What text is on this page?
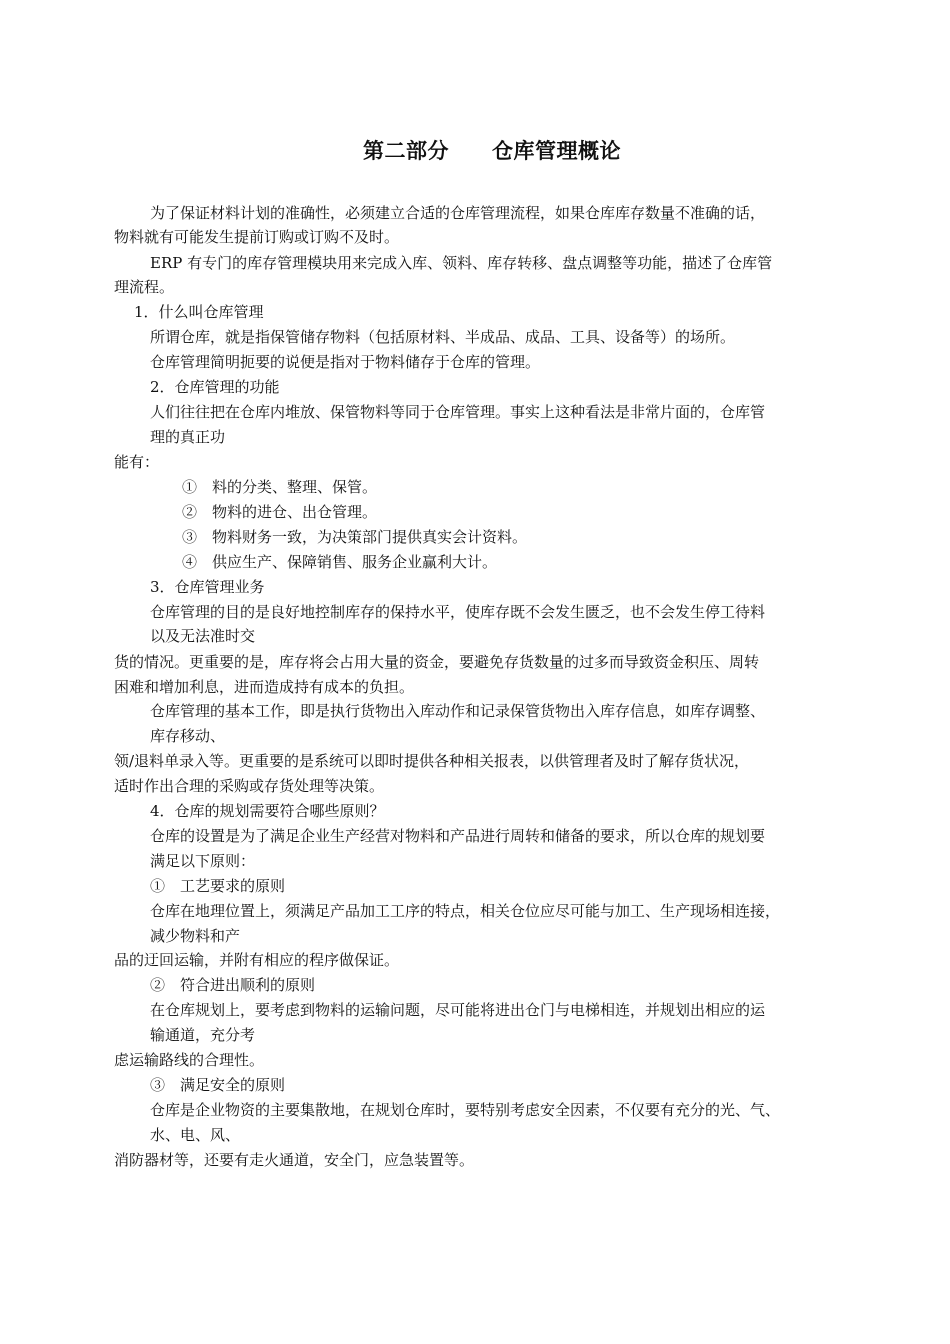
第二部分　　仓库管理概论
为了保证材料计划的准确性，必须建立合适的仓库管理流程，如果仓库库存数量不准确的话，
物料就有可能发生提前订购或订购不及时。
ERP 有专门的库存管理模块用来完成入库、领料、库存转移、盘点调整等功能，描述了仓库管
理流程。
1．什么叫仓库管理
所谓仓库，就是指保管储存物料（包括原材料、半成品、成品、工具、设备等）的场所。
仓库管理简明扼要的说便是指对于物料储存于仓库的管理。
2．仓库管理的功能
人们往往把在仓库内堆放、保管物料等同于仓库管理。事实上这种看法是非常片面的，仓库管
理的真正功
能有：
①　料的分类、整理、保管。
②　物料的进仓、出仓管理。
③　物料财务一致，为决策部门提供真实会计资料。
④　供应生产、保障销售、服务企业赢利大计。
3．仓库管理业务
仓库管理的目的是良好地控制库存的保持水平，使库存既不会发生匮乏，也不会发生停工待料
以及无法准时交
货的情况。更重要的是，库存将会占用大量的资金，要避免存货数量的过多而导致资金积压、周转
困难和增加利息，进而造成持有成本的负担。
仓库管理的基本工作，即是执行货物出入库动作和记录保管货物出入库存信息，如库存调整、
库存移动、
领/退料单录入等。更重要的是系统可以即时提供各种相关报表，以供管理者及时了解存货状况，
适时作出合理的采购或存货处理等决策。
4．仓库的规划需要符合哪些原则？
仓库的设置是为了满足企业生产经营对物料和产品进行周转和储备的要求，所以仓库的规划要
满足以下原则：
①　工艺要求的原则
仓库在地理位置上，须满足产品加工工序的特点，相关仓位应尽可能与加工、生产现场相连接，
减少物料和产
品的迂回运输，并附有相应的程序做保证。
②　符合进出顺利的原则
在仓库规划上，要考虑到物料的运输问题，尽可能将进出仓门与电梯相连，并规划出相应的运
输通道，充分考
虑运输路线的合理性。
③　满足安全的原则
仓库是企业物资的主要集散地，在规划仓库时，要特别考虑安全因素，不仅要有充分的光、气、
水、电、风、
消防器材等，还要有走火通道，安全门，应急装置等。
